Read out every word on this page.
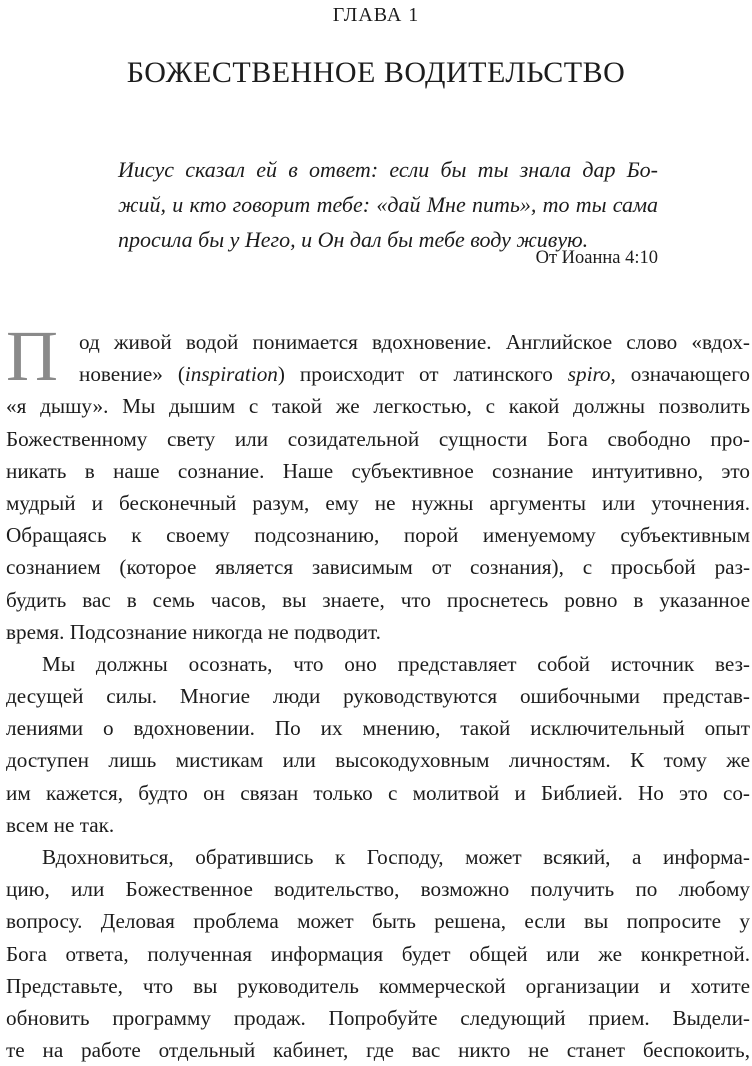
ГЛАВА 1
БОЖЕСТВЕННОЕ ВОДИТЕЛЬСТВО
Иисус сказал ей в ответ: если бы ты знала дар Бо-
жий, и кто говорит тебе: «дай Мне пить», то ты сама
просила бы у Него, и Он дал бы тебе воду живую.
От Иоанна 4:10
П од живой водой понимается вдохновение. Английское слово «вдох-
новение» (inspiration) происходит от латинского spiro, означающего
«я дышу». Мы дышим с такой же легкостью, с какой должны позволить
Божественному свету или созидательной сущности Бога свободно про-
никать в наше сознание. Наше субъективное сознание интуитивно, это
мудрый и бесконечный разум, ему не нужны аргументы или уточнения.
Обращаясь к своему подсознанию, порой именуемому субъективным
сознанием (которое является зависимым от сознания), с просьбой раз-
будить вас в семь часов, вы знаете, что проснетесь ровно в указанное
время. Подсознание никогда не подводит.
Мы должны осознать, что оно представляет собой источник вез-
десущей силы. Многие люди руководствуются ошибочными представ-
лениями о вдохновении. По их мнению, такой исключительный опыт
доступен лишь мистикам или высокодуховным личностям. К тому же
им кажется, будто он связан только с молитвой и Библией. Но это со-
всем не так.
Вдохновиться, обратившись к Господу, может всякий, а информа-
цию, или Божественное водительство, возможно получить по любому
вопросу. Деловая проблема может быть решена, если вы попросите у
Бога ответа, полученная информация будет общей или же конкретной.
Представьте, что вы руководитель коммерческой организации и хотите
обновить программу продаж. Попробуйте следующий прием. Выдели-
те на работе отдельный кабинет, где вас никто не станет беспокоить,
